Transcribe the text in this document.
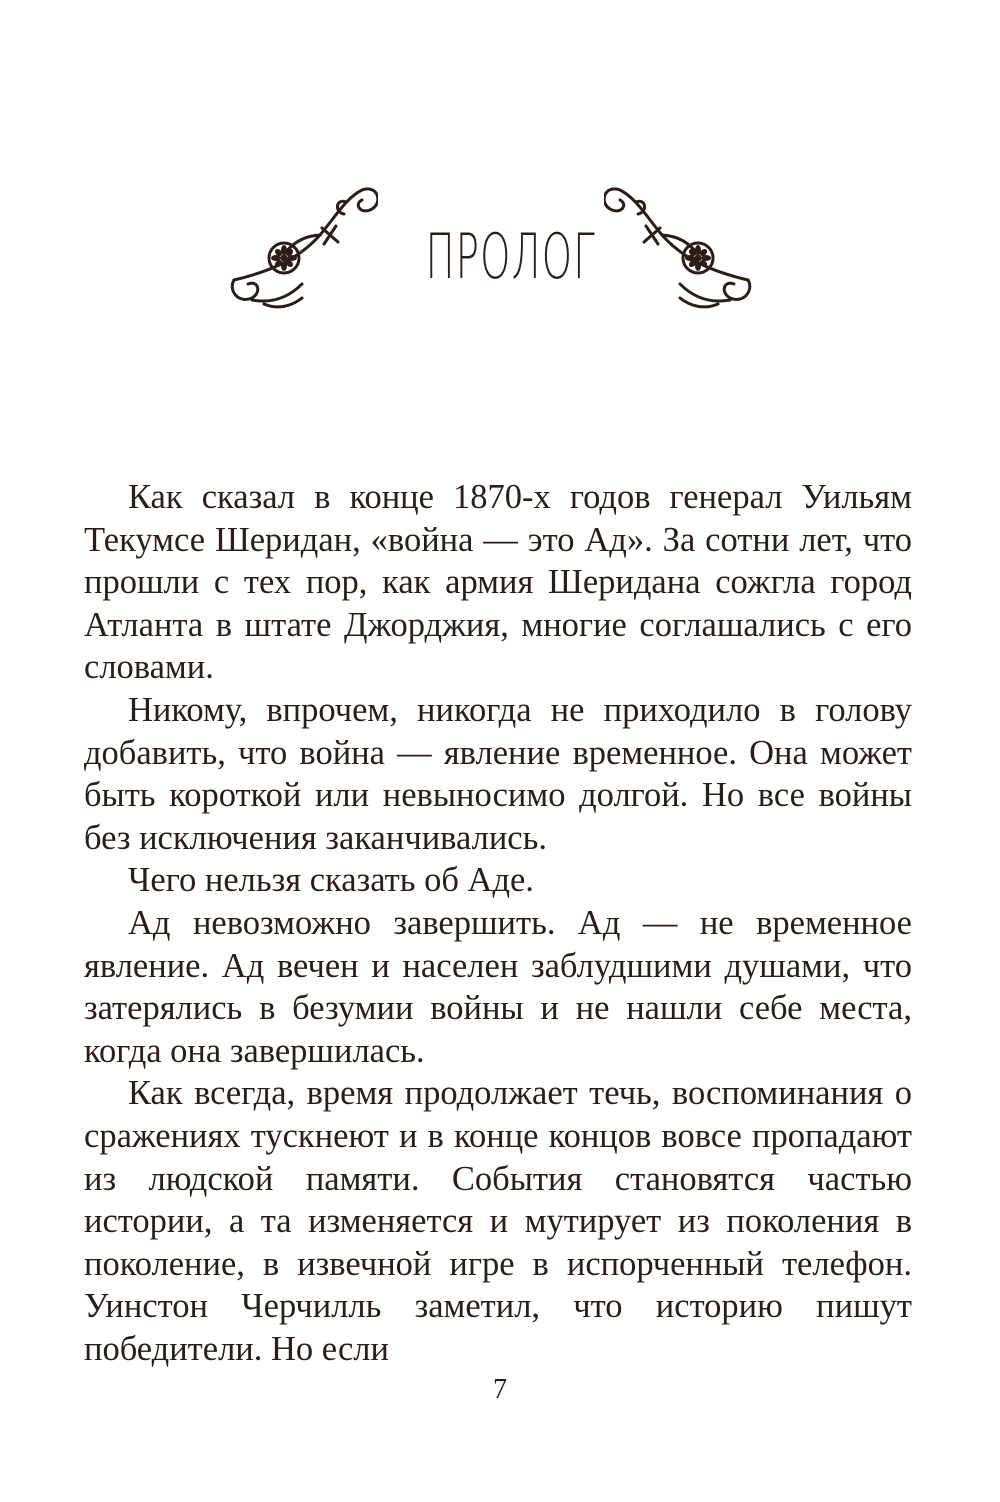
ПРОЛОГ

Как сказал в конце 1870-х годов генерал Уильям Текумсе Шеридан, «война — это Ад». За сотни лет, что прошли с тех пор, как армия Шеридана сожгла город Атланта в штате Джорджия, многие соглашались с его словами.

Никому, впрочем, никогда не приходило в голову добавить, что война — явление временное. Она может быть короткой или невыносимо долгой. Но все войны без исключения заканчивались.

Чего нельзя сказать об Аде.

Ад невозможно завершить. Ад — не временное явление. Ад вечен и населен заблудшими душами, что затерялись в безумии войны и не нашли себе места, когда она завершилась.

Как всегда, время продолжает течь, воспоминания о сражениях тускнеют и в конце концов вовсе пропадают из людской памяти. События становятся частью истории, а та изменяется и мутирует из поколения в поколение, в извечной игре в испорченный телефон. Уинстон Черчилль заметил, что историю пишут победители. Но если

7
